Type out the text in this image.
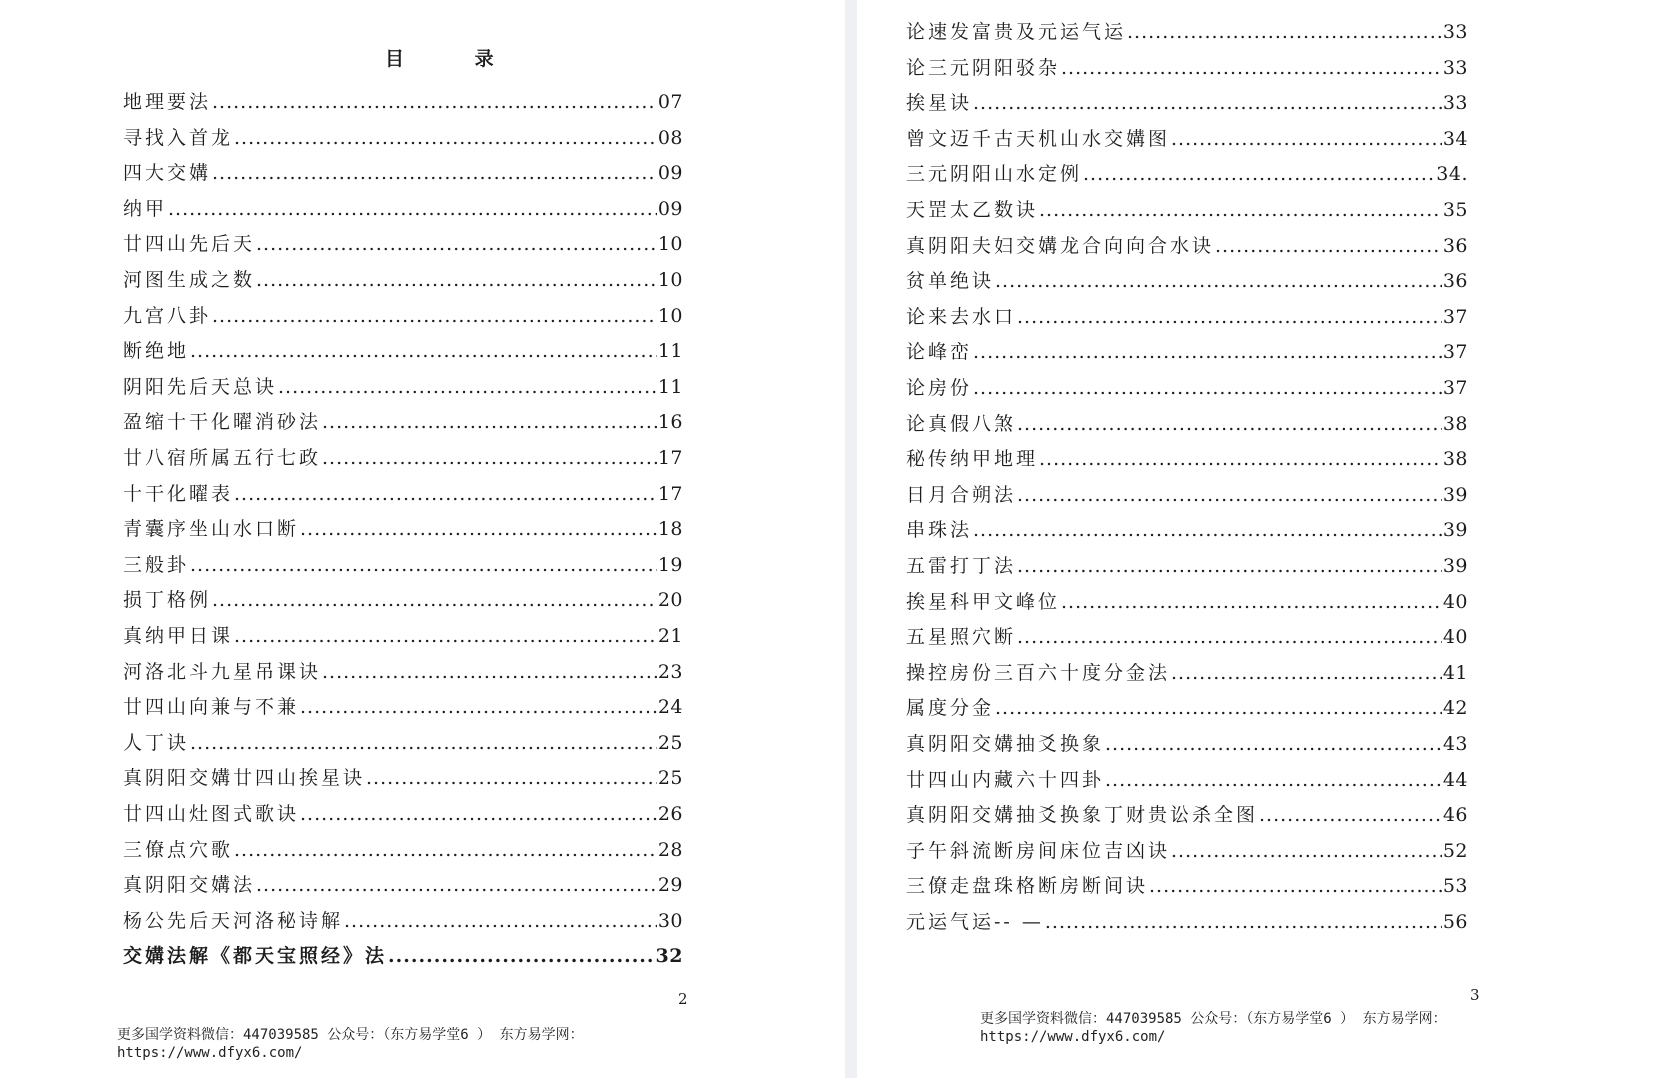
目 录
地理要法 .....	07
寻找入首龙 .....	08
四大交媾 .....	09
纳甲 .....	09
廿四山先后天 .....	10
河图生成之数 .....	10
九宫八卦 .....	10
断绝地 .....	11
阴阳先后天总诀 .....	11
盈缩十干化曜消砂法 .....	16
廿八宿所属五行七政 .....	17
十干化曜表 .....	17
青囊序坐山水口断 .....	18
三般卦 .....	19
损丁格例 .....	20
真纳甲日课 .....	21
河洛北斗九星吊课诀 .....	23
廿四山向兼与不兼 .....	24
人丁诀 .....	25
真阴阳交媾廿四山挨星诀 .....	25
廿四山灶图式歌诀 .....	26
三僚点穴歌 .....	28
真阴阳交媾法 .....	29
杨公先后天河洛秘诗解 .....	30
交媾法解《都天宝照经》法 .....	32
2
更多国学资料微信：447039585 公众号：（东方易学堂6 ） 东方易学网：
https://www.dfyx6.com/
论速发富贵及元运气运 .....	33
论三元阴阳驳杂 .....	33
挨星诀 .....	33
曾文迈千古天机山水交媾图 .....	34
三元阴阳山水定例 .....	34.
天罡太乙数诀 .....	35
真阴阳夫妇交媾龙合向向合水诀 .....	36
贫单绝诀 .....	36
论来去水口 .....	37
论峰峦 .....	37
论房份 .....	37
论真假八煞 .....	38
秘传纳甲地理 .....	38
日月合朔法 .....	39
串珠法 .....	39
五雷打丁法 .....	39
挨星科甲文峰位 .....	40
五星照穴断 .....	40
操控房份三百六十度分金法 .....	41
属度分金 .....	42
真阴阳交媾抽爻换象 .....	43
廿四山内藏六十四卦 .....	44
真阴阳交媾抽爻换象丁财贵讼杀全图 .....	46
子午斜流断房间床位吉凶诀 .....	52
三僚走盘珠格断房断间诀 .....	53
元运气运-- — .....	56
3
更多国学资料微信：447039585 公众号：（东方易学堂6 ） 东方易学网：
https://www.dfyx6.com/
